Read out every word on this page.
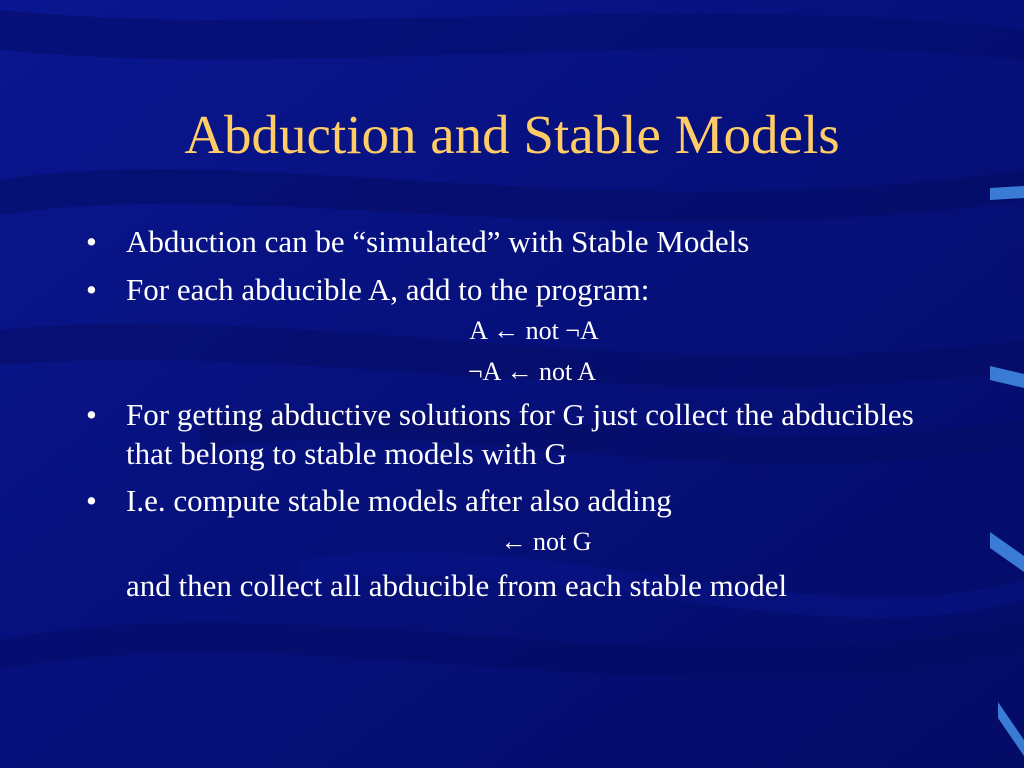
Abduction and Stable Models
• Abduction can be “simulated” with Stable Models
• For each abducible A, add to the program:
A ← not ¬A
¬A ← not A
• For getting abductive solutions for G just collect the abducibles that belong to stable models with G
• I.e. compute stable models after also adding
← not G
and then collect all abducible from each stable model
